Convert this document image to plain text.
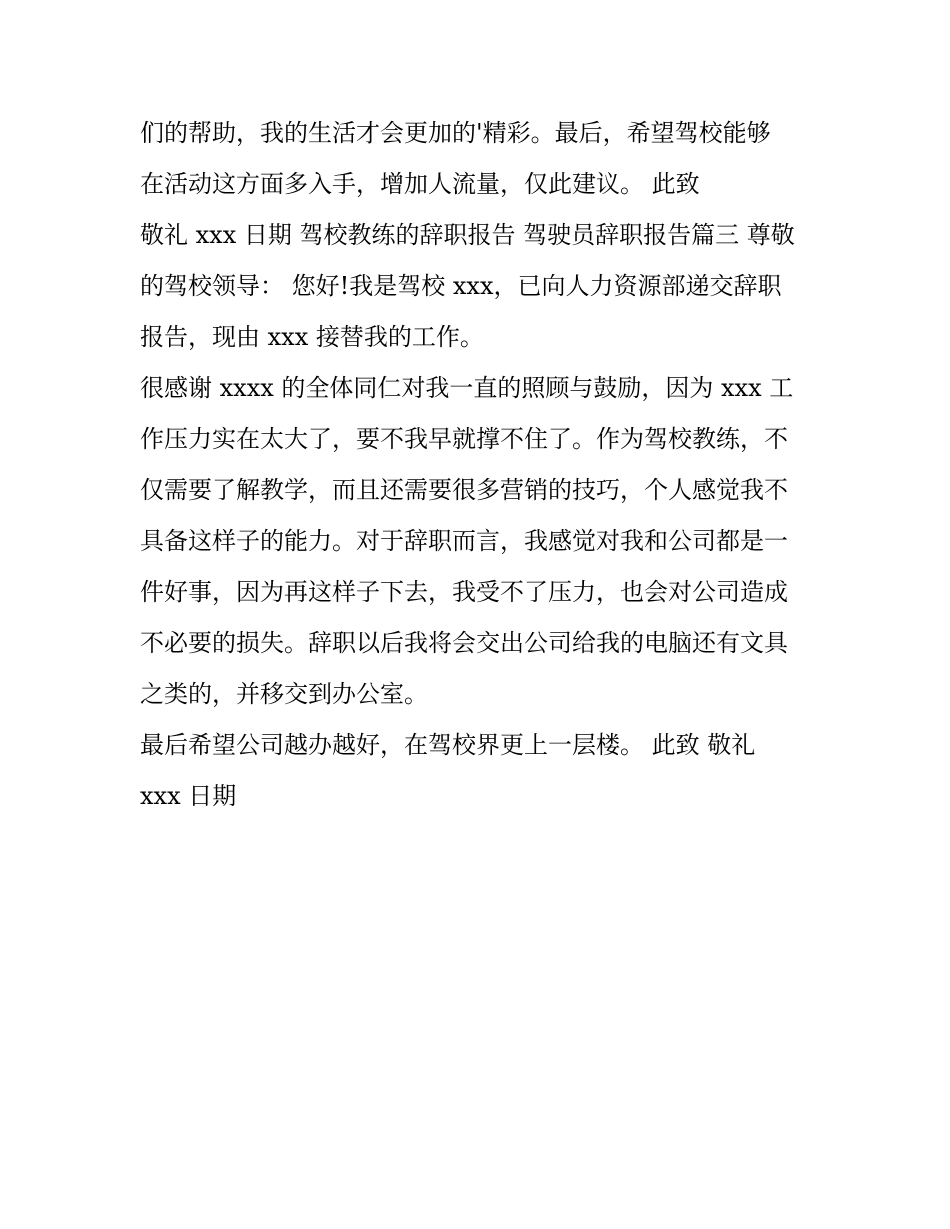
们的帮助，我的生活才会更加的'精彩。最后，希望驾校能够
在活动这方面多入手，增加人流量，仅此建议。 此致
敬礼 xxx 日期 驾校教练的辞职报告 驾驶员辞职报告篇三 尊敬
的驾校领导： 您好!我是驾校 xxx，已向人力资源部递交辞职
报告，现由 xxx 接替我的工作。
很感谢 xxxx 的全体同仁对我一直的照顾与鼓励，因为 xxx 工
作压力实在太大了，要不我早就撑不住了。作为驾校教练，不
仅需要了解教学，而且还需要很多营销的技巧，个人感觉我不
具备这样子的能力。对于辞职而言，我感觉对我和公司都是一
件好事，因为再这样子下去，我受不了压力，也会对公司造成
不必要的损失。辞职以后我将会交出公司给我的电脑还有文具
之类的，并移交到办公室。
最后希望公司越办越好，在驾校界更上一层楼。 此致 敬礼
xxx 日期
